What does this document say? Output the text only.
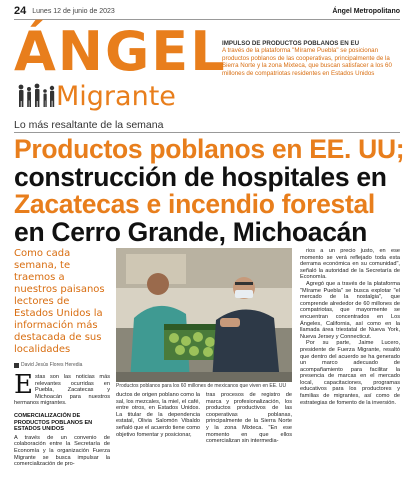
24 Lunes 12 de junio de 2023	Ángel Metropolitano
ÁNGEL
Migrante
IMPULSO DE PRODUCTOS POBLANOS EN EU
A través de la plataforma "Mírame Puebla" se posicionan productos poblanos de las cooperativas, principalmente de la Sierra Norte y la zona Mixteca, que buscan satisfacer a los 60 millones de compatriotas residentes en Estados Unidos
Lo más resaltante de la semana
Productos poblanos en EE. UU;
construcción de hospitales en
Zacatecas e incendio forestal
en Cerro Grande, Michoacán
Como cada semana, te traemos a nuestros paisanos lectores de Estados Unidos la información más destacada de sus localidades
David Jesús Flores Heredia
E stas son las noticias más relevantes ocurridas en Puebla, Zacatecas y Michoacán para nuestros hermanos migrantes.
COMERCIALIZACIÓN DE PRODUCTOS POBLANOS EN ESTADOS UNIDOS
A través de un convenio de colaboración entre la Secretaría de Economía y la organización Fuerza Migrante se busca impulsar la comercialización de pro-
Productos poblanos para los 60 millones de mexicanos que viven en EE. UU
ductos de origen poblano como la sal, los mezcales, la miel, el café, entre otros, en Estados Unidos. La titular de la dependencia estatal, Olivia Salomón Vibaldo señaló que el acuerdo tiene como objetivo fomentar y posicionar,
tras procesos de registro de marca y profesionalización, los productos productivos de las cooperativas poblanas, principalmente de la Sierra Norte y la zona Mixteca. "En ese momento en que ellos comercializan sin intermedia-

rios a un precio justo, en ese momento se verá reflejado toda esta derrama económica en su comunidad", señaló la autoridad de la Secretaría de Economía.

Agregó que a través de la plataforma "Mírame Puebla" se busca explotar "el mercado de la nostalgia", que comprende alrededor de 60 millones de compatriotas, que mayormente se encuentran concentrados en Los Ángeles, California, así como en la llamada área triestatal de Nueva York, Nueva Jersey y Connecticut.

Por su parte, Jaime Lucero, presidente de Fuerza Migrante, resaltó que dentro del acuerdo se ha generado un marco adecuado de acompañamiento para facilitar la presencia de marcas en el mercado local, capacitaciones, programas educativos para los productores y familias de migrantes, así como de estrategias de fomento de la inversión.
